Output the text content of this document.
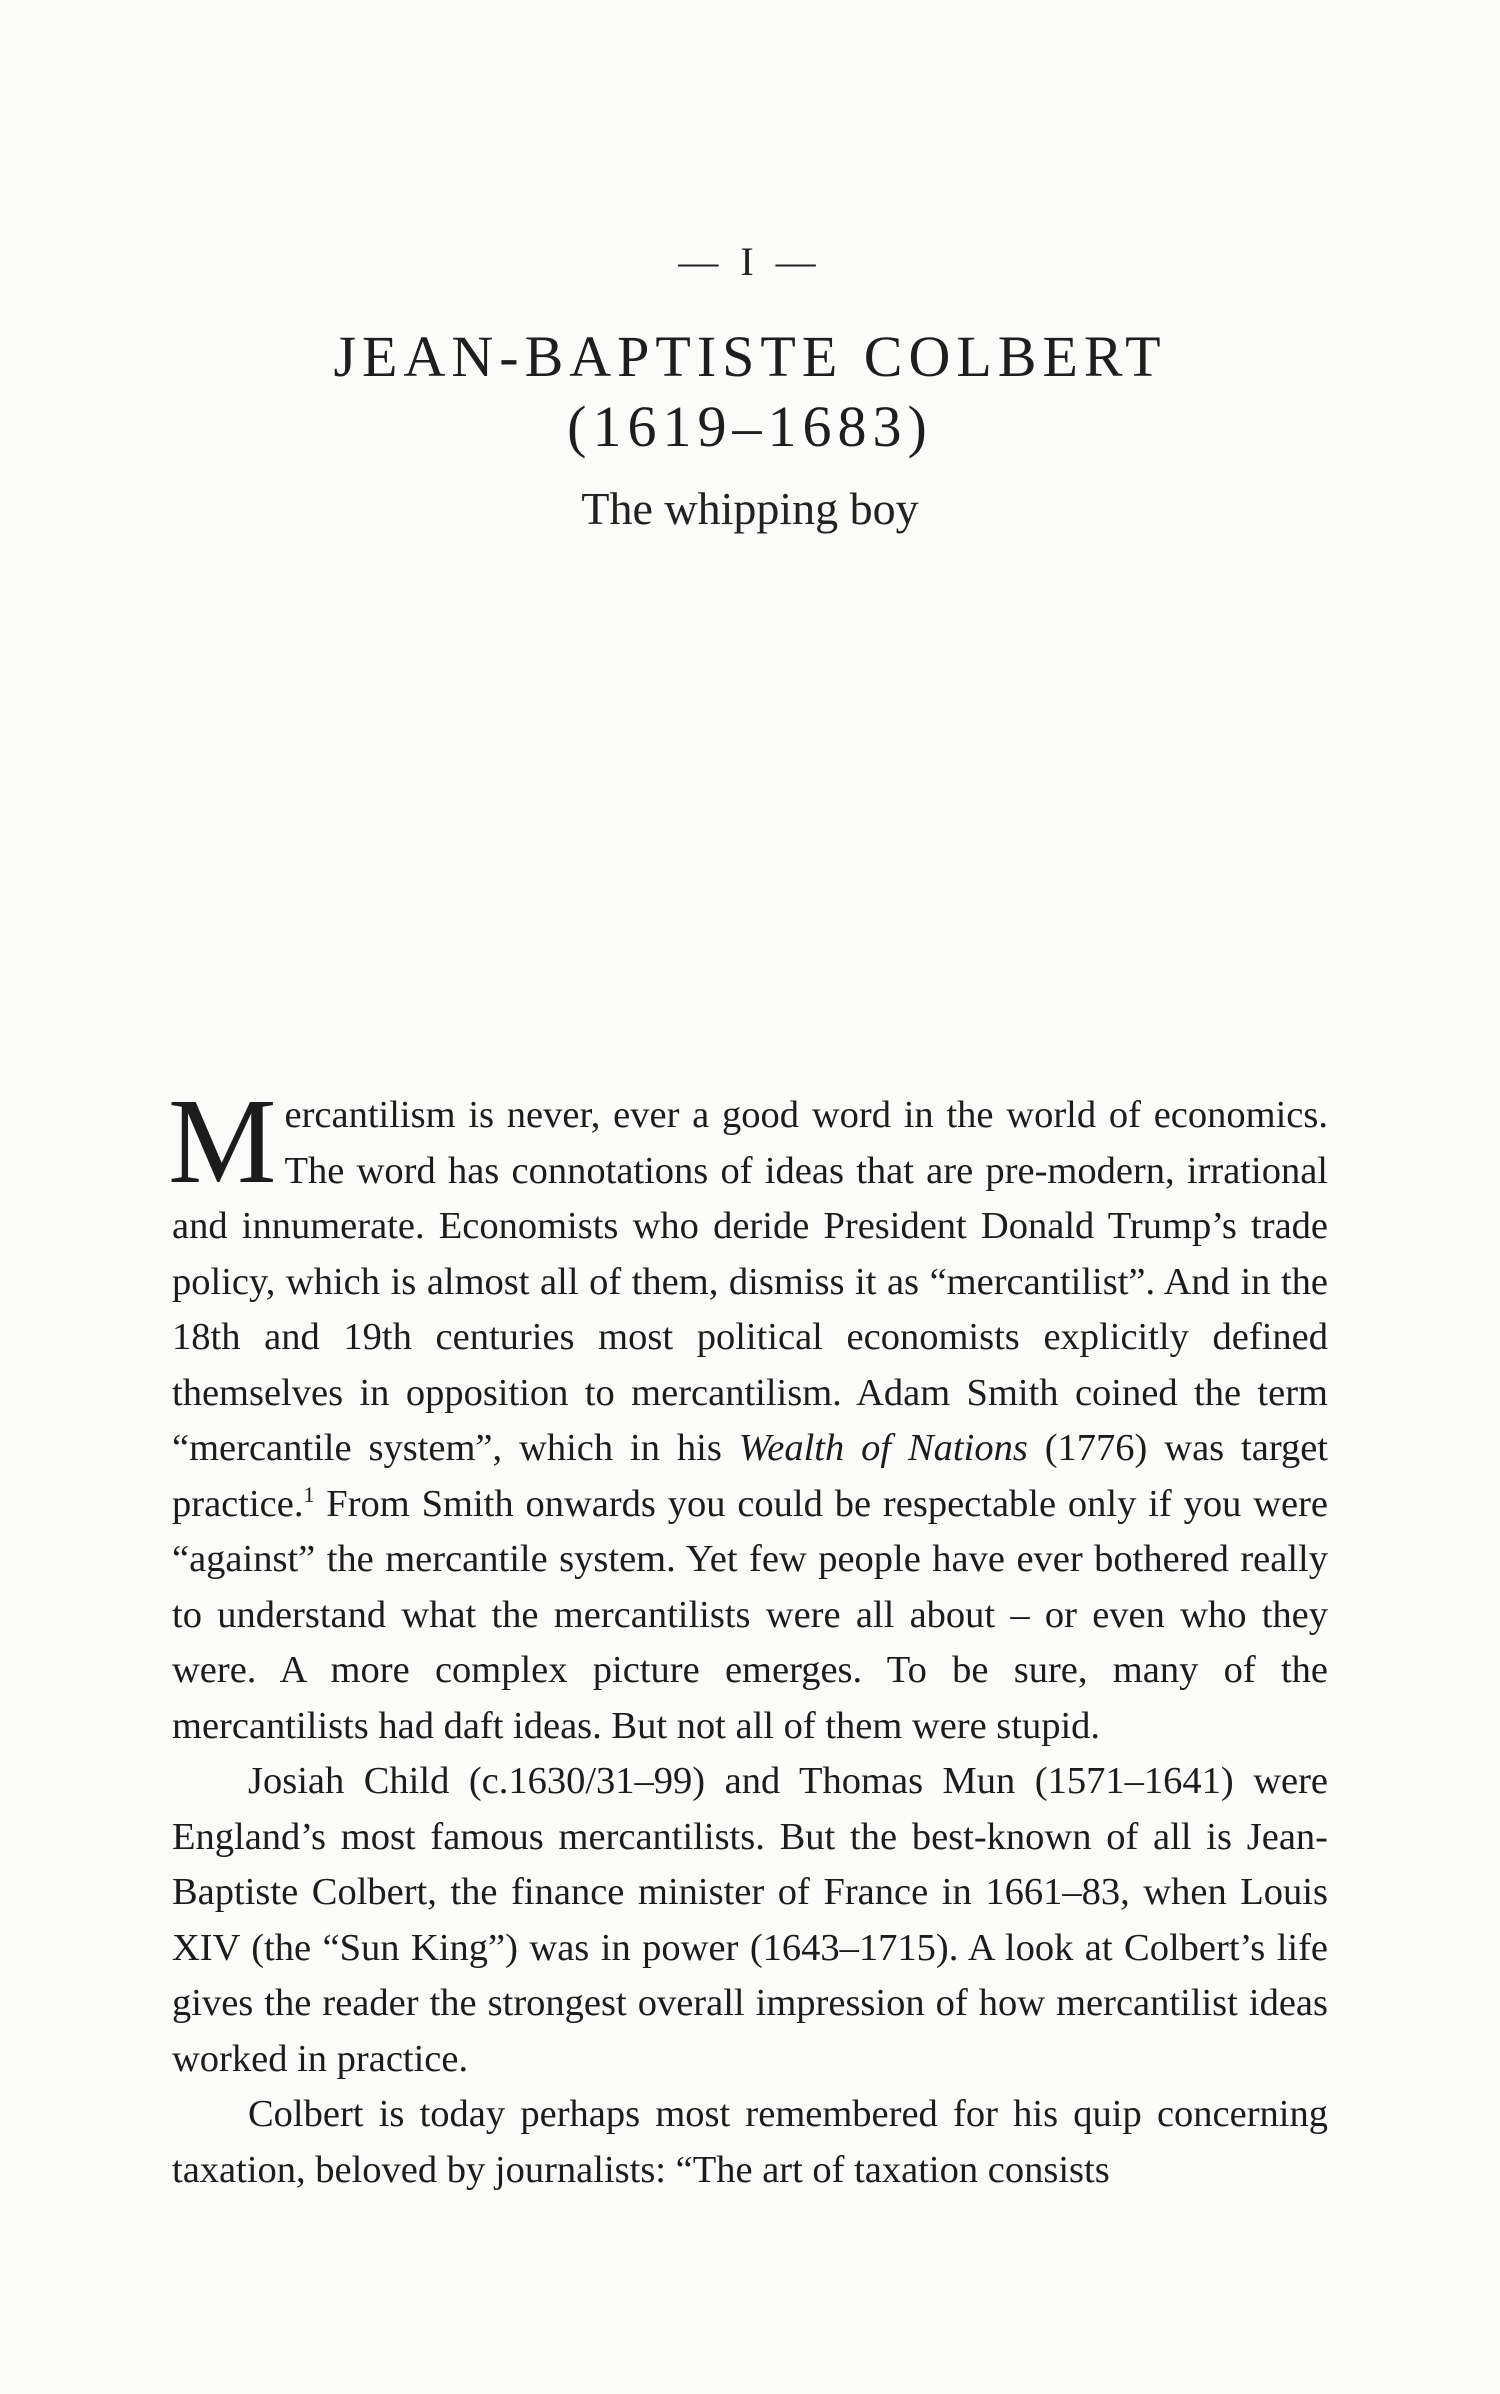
— I —
JEAN-BAPTISTE COLBERT
(1619–1683)
The whipping boy

Mercantilism is never, ever a good word in the world of economics. The word has connotations of ideas that are pre-modern, irrational and innumerate. Economists who deride President Donald Trump’s trade policy, which is almost all of them, dismiss it as “mercantilist”. And in the 18th and 19th centuries most political economists explicitly defined themselves in opposition to mercantilism. Adam Smith coined the term “mercantile system”, which in his Wealth of Nations (1776) was target practice.$^1$ From Smith onwards you could be respectable only if you were “against” the mercantile system. Yet few people have ever bothered really to understand what the mercantilists were all about – or even who they were. A more complex picture emerges. To be sure, many of the mercantilists had daft ideas. But not all of them were stupid.

Josiah Child (c.1630/31–99) and Thomas Mun (1571–1641) were England’s most famous mercantilists. But the best-known of all is Jean-Baptiste Colbert, the finance minister of France in 1661–83, when Louis XIV (the “Sun King”) was in power (1643–1715). A look at Colbert’s life gives the reader the strongest overall impression of how mercantilist ideas worked in practice.

Colbert is today perhaps most remembered for his quip concerning taxation, beloved by journalists: “The art of taxation consists
